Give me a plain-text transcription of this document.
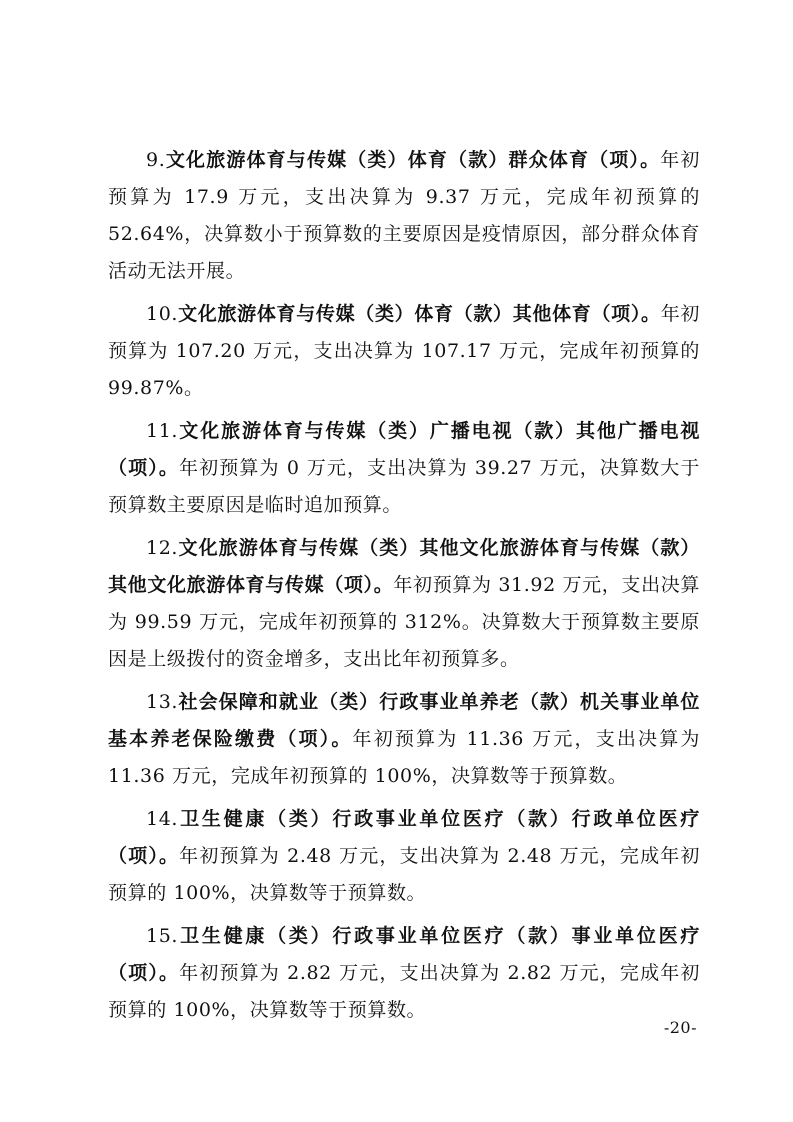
9.文化旅游体育与传媒（类）体育（款）群众体育（项）。年初预算为 17.9 万元，支出决算为 9.37 万元，完成年初预算的 52.64%，决算数小于预算数的主要原因是疫情原因，部分群众体育活动无法开展。

10.文化旅游体育与传媒（类）体育（款）其他体育（项）。年初预算为 107.20 万元，支出决算为 107.17 万元，完成年初预算的 99.87%。

11.文化旅游体育与传媒（类）广播电视（款）其他广播电视（项）。年初预算为 0 万元，支出决算为 39.27 万元，决算数大于预算数主要原因是临时追加预算。

12.文化旅游体育与传媒（类）其他文化旅游体育与传媒（款）其他文化旅游体育与传媒（项）。年初预算为 31.92 万元，支出决算为 99.59 万元，完成年初预算的 312%。决算数大于预算数主要原因是上级拨付的资金增多，支出比年初预算多。

13.社会保障和就业（类）行政事业单养老（款）机关事业单位基本养老保险缴费（项）。年初预算为 11.36 万元，支出决算为 11.36 万元，完成年初预算的 100%，决算数等于预算数。

14.卫生健康（类）行政事业单位医疗（款）行政单位医疗（项）。年初预算为 2.48 万元，支出决算为 2.48 万元，完成年初预算的 100%，决算数等于预算数。

15.卫生健康（类）行政事业单位医疗（款）事业单位医疗（项）。年初预算为 2.82 万元，支出决算为 2.82 万元，完成年初预算的 100%，决算数等于预算数。

-20-
